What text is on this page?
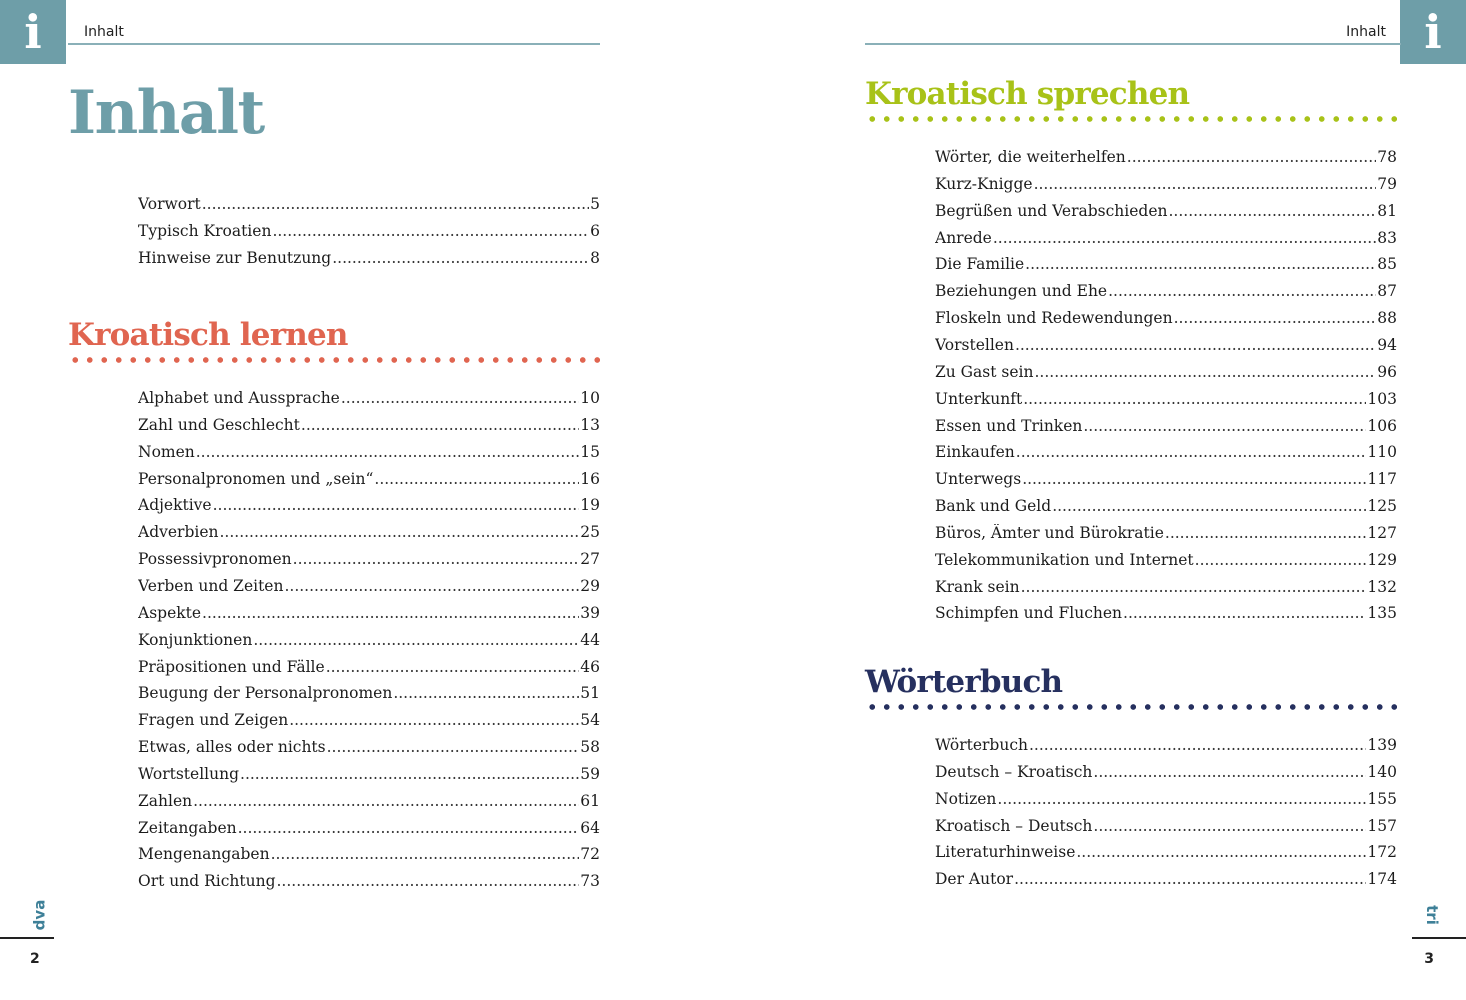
i	Inhalt
Inhalt
Vorwort .....	5
Typisch Kroatien .....	6
Hinweise zur Benutzung .....	8
Kroatisch lernen
Alphabet und Aussprache .....	10
Zahl und Geschlecht .....	13
Nomen .....	15
Personalpronomen und „sein“ .....	16
Adjektive .....	19
Adverbien .....	25
Possessivpronomen .....	27
Verben und Zeiten .....	29
Aspekte .....	39
Konjunktionen .....	44
Präpositionen und Fälle .....	46
Beugung der Personalpronomen .....	51
Fragen und Zeigen .....	54
Etwas, alles oder nichts .....	58
Wortstellung .....	59
Zahlen .....	61
Zeitangaben .....	64
Mengenangaben .....	72
Ort und Richtung .....	73
dva
2
i
Inhalt
Kroatisch sprechen
Wörter, die weiterhelfen .....	78
Kurz-Knigge .....	79
Begrüßen und Verabschieden .....	81
Anrede .....	83
Die Familie .....	85
Beziehungen und Ehe .....	87
Floskeln und Redewendungen .....	88
Vorstellen .....	94
Zu Gast sein .....	96
Unterkunft .....	103
Essen und Trinken .....	106
Einkaufen .....	110
Unterwegs .....	117
Bank und Geld .....	125
Büros, Ämter und Bürokratie .....	127
Telekommunikation und Internet .....	129
Krank sein .....	132
Schimpfen und Fluchen .....	135
Wörterbuch
Wörterbuch .....	139
Deutsch – Kroatisch .....	140
Notizen .....	155
Kroatisch – Deutsch .....	157
Literaturhinweise .....	172
Der Autor .....	174
tri
3
